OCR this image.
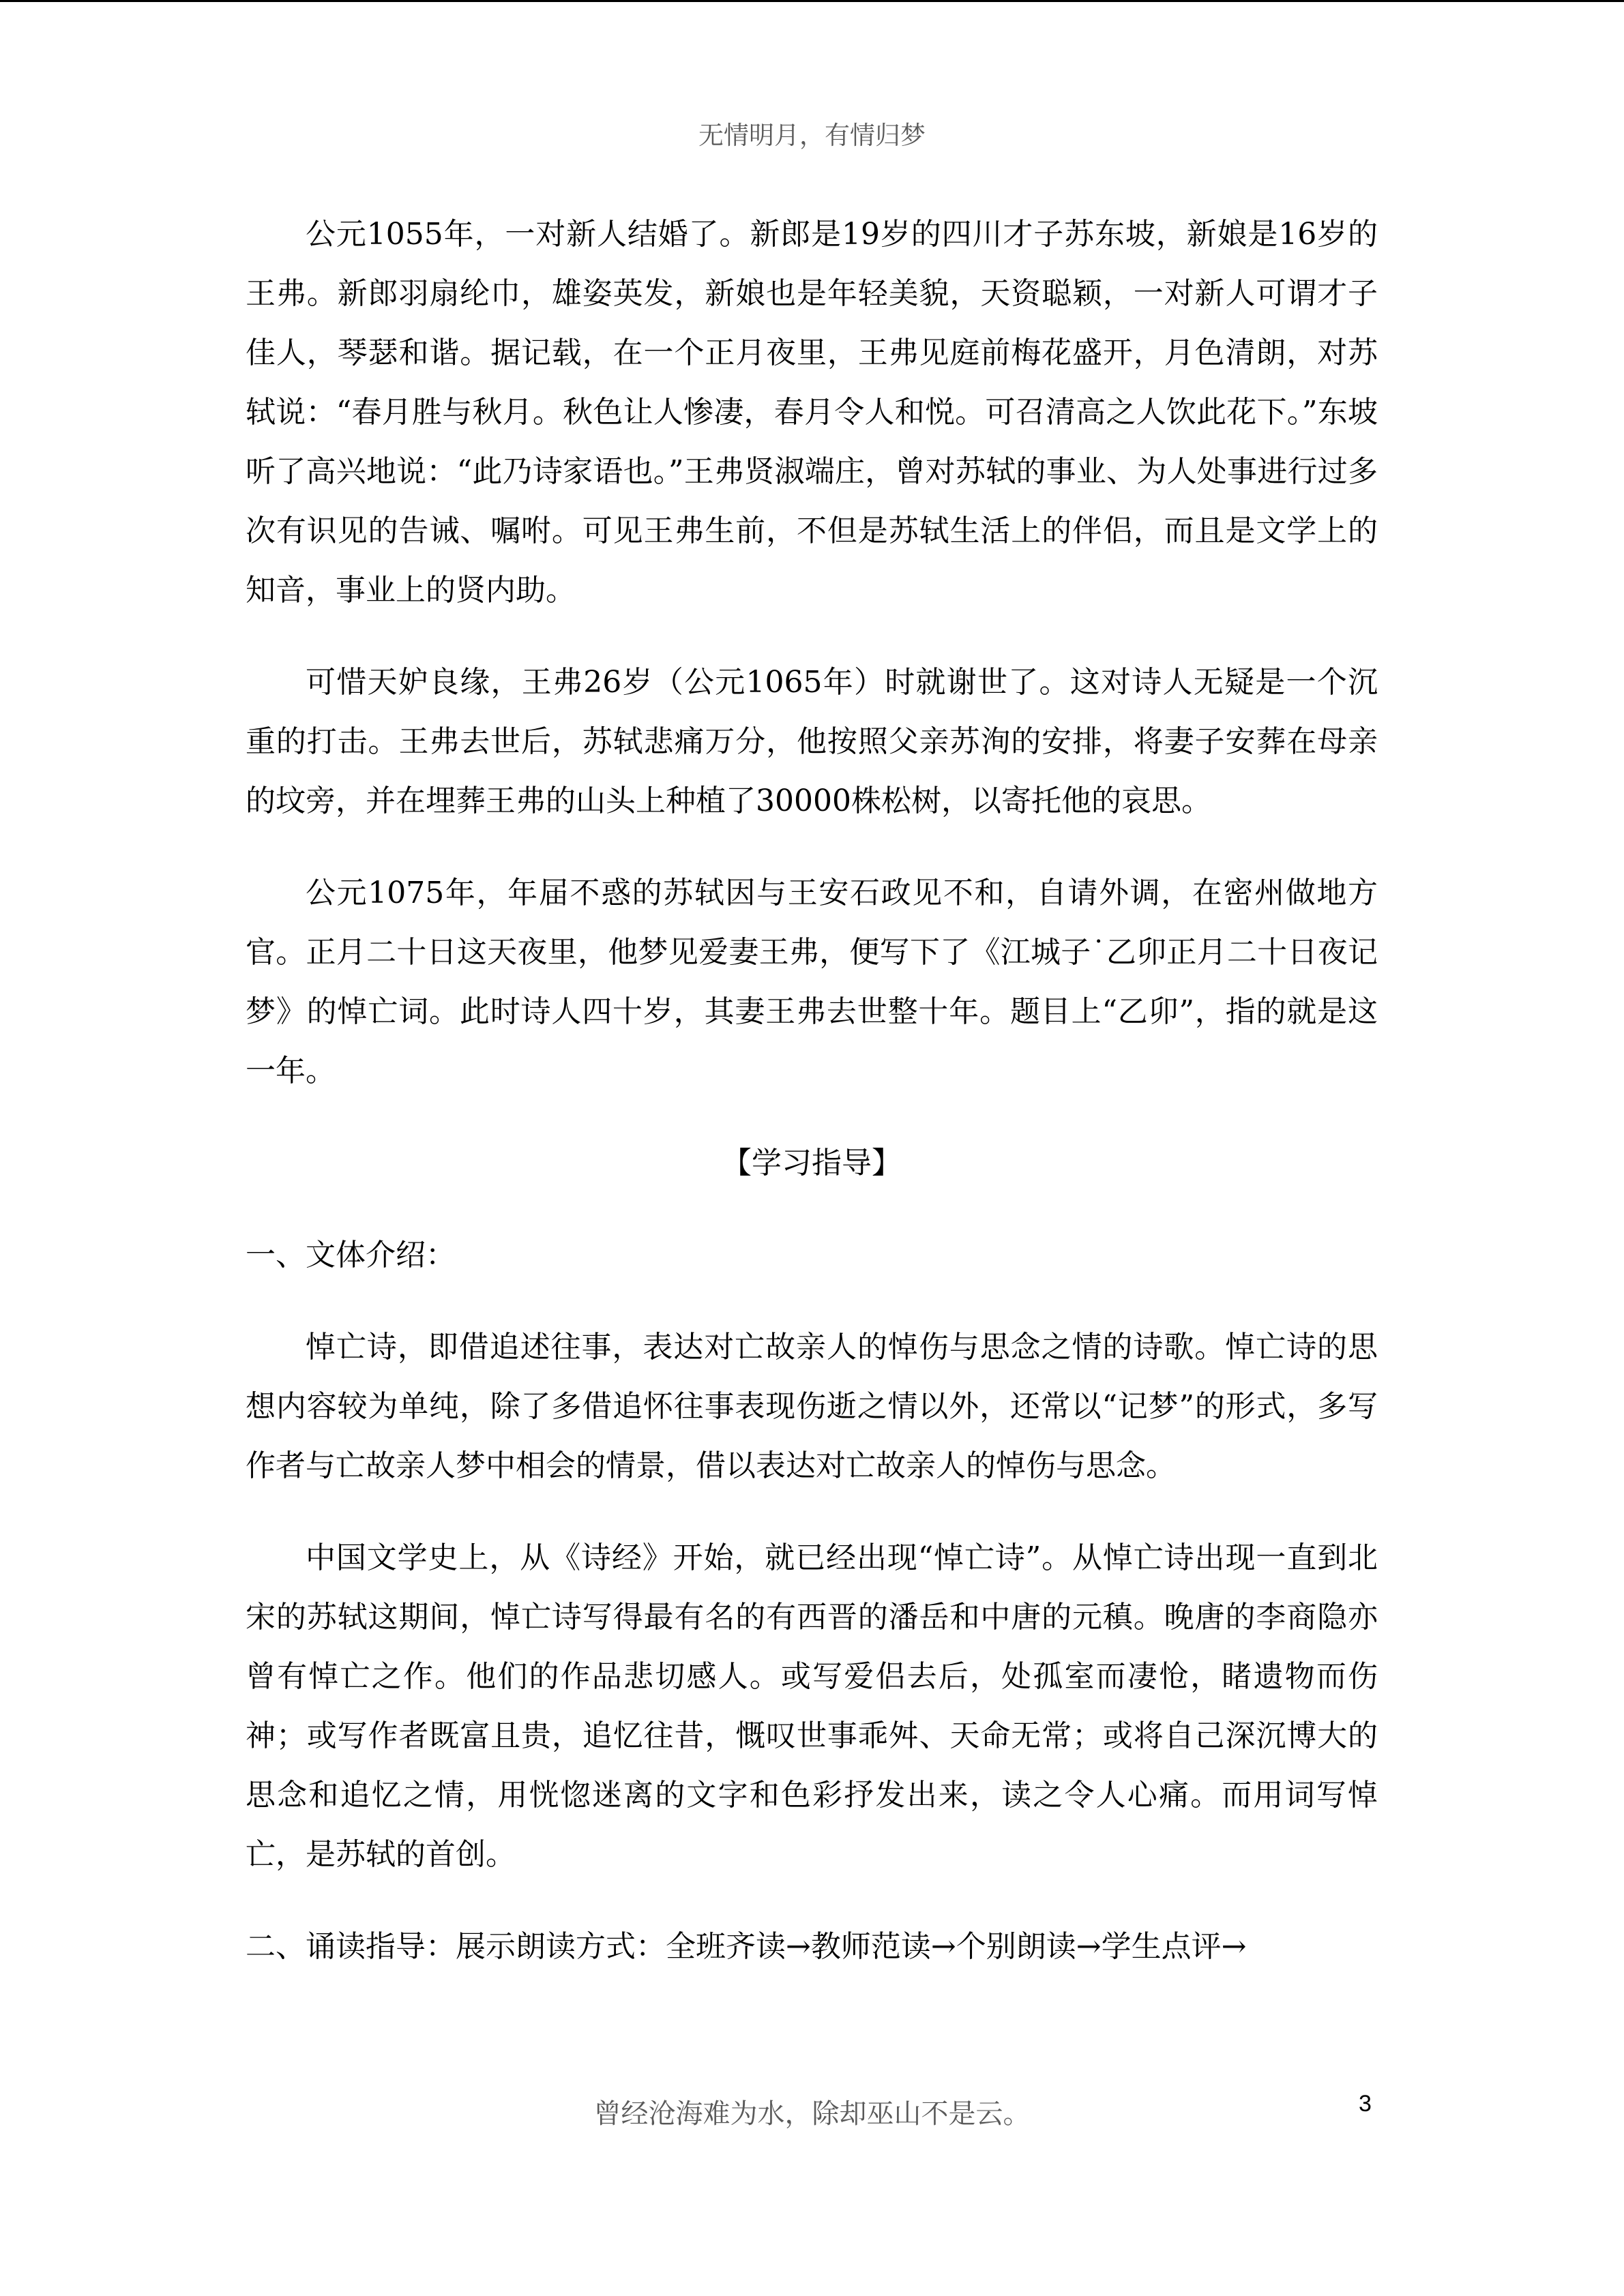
无情明月，有情归梦

公元1055年，一对新人结婚了。新郎是19岁的四川才子苏东坡，新娘是16岁的王弗。新郎羽扇纶巾，雄姿英发，新娘也是年轻美貌，天资聪颖，一对新人可谓才子佳人，琴瑟和谐。据记载，在一个正月夜里，王弗见庭前梅花盛开，月色清朗，对苏轼说：“春月胜与秋月。秋色让人惨凄，春月令人和悦。可召清高之人饮此花下。”东坡听了高兴地说：“此乃诗家语也。”王弗贤淑端庄，曾对苏轼的事业、为人处事进行过多次有识见的告诫、嘱咐。可见王弗生前，不但是苏轼生活上的伴侣，而且是文学上的知音，事业上的贤内助。

可惜天妒良缘，王弗26岁（公元1065年）时就谢世了。这对诗人无疑是一个沉重的打击。王弗去世后，苏轼悲痛万分，他按照父亲苏洵的安排，将妻子安葬在母亲的坟旁，并在埋葬王弗的山头上种植了30000株松树，以寄托他的哀思。

公元1075年，年届不惑的苏轼因与王安石政见不和，自请外调，在密州做地方官。正月二十日这天夜里，他梦见爱妻王弗，便写下了《江城子˙乙卯正月二十日夜记梦》的悼亡词。此时诗人四十岁，其妻王弗去世整十年。题目上“乙卯”，指的就是这一年。

【学习指导】

一、文体介绍：

悼亡诗，即借追述往事，表达对亡故亲人的悼伤与思念之情的诗歌。悼亡诗的思想内容较为单纯，除了多借追怀往事表现伤逝之情以外，还常以“记梦”的形式，多写作者与亡故亲人梦中相会的情景，借以表达对亡故亲人的悼伤与思念。

中国文学史上，从《诗经》开始，就已经出现“悼亡诗”。从悼亡诗出现一直到北宋的苏轼这期间，悼亡诗写得最有名的有西晋的潘岳和中唐的元稹。晚唐的李商隐亦曾有悼亡之作。他们的作品悲切感人。或写爱侣去后，处孤室而凄怆，睹遗物而伤神；或写作者既富且贵，追忆往昔，慨叹世事乖舛、天命无常；或将自己深沉博大的思念和追忆之情，用恍惚迷离的文字和色彩抒发出来，读之令人心痛。而用词写悼亡，是苏轼的首创。

二、诵读指导：展示朗读方式：全班齐读→教师范读→个别朗读→学生点评→

曾经沧海难为水，除却巫山不是云。	3
